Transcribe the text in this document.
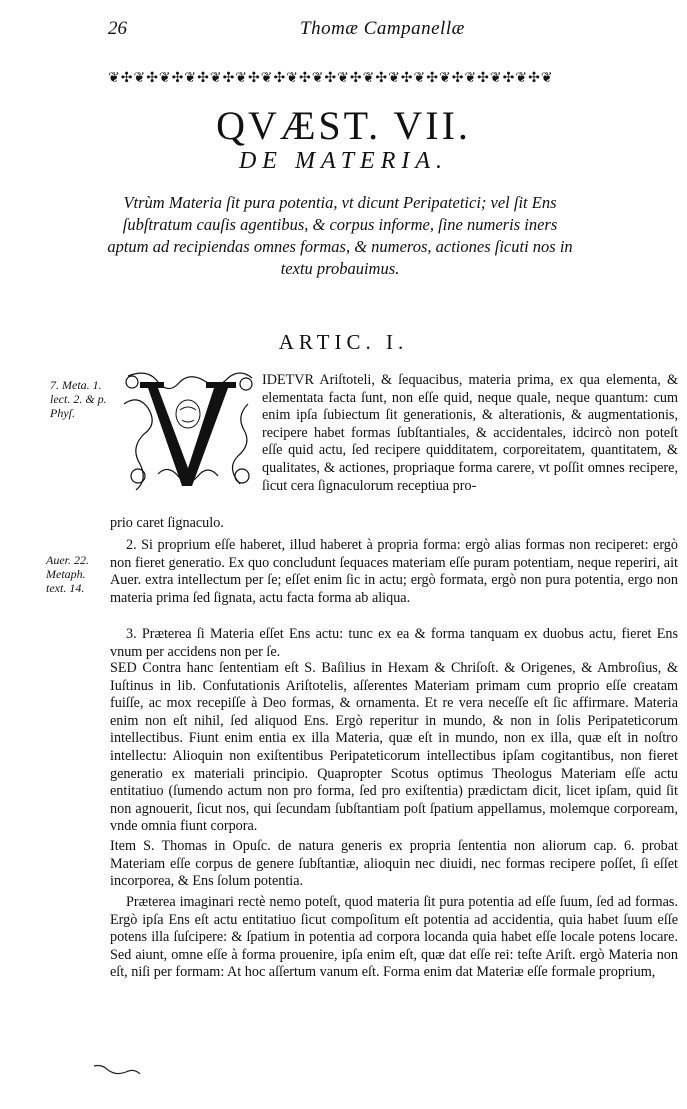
26	Thomæ Campanellæ
❦✣❦✣❦✣❦✣❦✣❦✣❦✣❦✣❦✣❦✣❦✣❦✣❦✣❦✣❦✣❦✣❦✣❦
QVÆST. VII.
DE MATERIA.
Vtrùm Materia ſit pura potentia, vt dicunt Peripatetici; vel ſit Ens ſubſtratum cauſis agentibus, & corpus informe, ſine numeris iners aptum ad recipiendas omnes formas, & numeros, actiones ſicuti nos in textu probauimus.
ARTIC. I.
7. Meta. 1. lect. 2. & p. Phyſ.
Auer. 22. Metaph. text. 14.
IDETVR Ariſtoteli, & ſequacibus, materia prima, ex qua elementa, & elementata facta ſunt, non eſſe quid, neque quale, neque quantum: cum enim ipſa ſubiectum ſit generationis, & alterationis, & augmentationis, recipere habet formas ſubſtantiales, & accidentales, idcircò non poteſt eſſe quid actu, ſed recipere quidditatem, corporeitatem, quantitatem, & qualitates, & actiones, propriaque forma carere, vt poſſit omnes recipere, ſicut cera ſignaculorum receptiua pro-
prio caret ſignaculo.
2. Si proprium eſſe haberet, illud haberet à propria forma: ergò alias formas non reciperet: ergò non fieret generatio. Ex quo concludunt ſequaces materiam eſſe puram potentiam, neque reperiri, ait Auer. extra intellectum per ſe; eſſet enim ſic in actu; ergò formata, ergò non pura potentia, ergo non materia prima ſed ſignata, actu facta forma ab aliqua.
3. Præterea ſi Materia eſſet Ens actu: tunc ex ea & forma tanquam ex duobus actu, fieret Ens vnum per accidens non per ſe.
SED Contra hanc ſententiam eſt S. Baſilius in Hexam & Chriſoſt. & Origenes, & Ambroſius, & Iuſtinus in lib. Confutationis Ariſtotelis, aſſerentes Materiam primam cum proprio eſſe creatam fuiſſe, ac mox recepiſſe à Deo formas, & ornamenta. Et re vera neceſſe eſt ſic affirmare. Materia enim non eſt nihil, ſed aliquod Ens. Ergò reperitur in mundo, & non in ſolis Peripateticorum intellectibus. Fiunt enim entia ex illa Materia, quæ eſt in mundo, non ex illa, quæ eſt in noſtro intellectu: Alioquin non exiſtentibus Peripateticorum intellectibus ipſam cogitantibus, non fieret generatio ex materiali principio. Quapropter Scotus optimus Theologus Materiam eſſe actu entitatiuo (ſumendo actum non pro forma, ſed pro exiſtentia) prædictam dicit, licet ipſam, quid ſit non agnouerit, ſicut nos, qui ſecundam ſubſtantiam poſt ſpatium appellamus, molemque corpoream, vnde omnia fiunt corpora.
Item S. Thomas in Opuſc. de natura generis ex propria ſententia non aliorum cap. 6. probat Materiam eſſe corpus de genere ſubſtantiæ, alioquin nec diuidi, nec formas recipere poſſet, ſi eſſet incorporea, & Ens ſolum potentia.
Præterea imaginari rectè nemo poteſt, quod materia ſit pura potentia ad eſſe ſuum, ſed ad formas. Ergò ipſa Ens eſt actu entitatiuo ſicut compoſitum eſt potentia ad accidentia, quia habet ſuum eſſe potens illa ſuſcipere: & ſpatium in potentia ad corpora locanda quia habet eſſe locale potens locare. Sed aiunt, omne eſſe à forma prouenire, ipſa enim eſt, quæ dat eſſe rei: teſte Ariſt. ergò Materia non eſt, niſi per formam: At hoc aſſertum vanum eſt. Forma enim dat Materiæ eſſe formale proprium,
